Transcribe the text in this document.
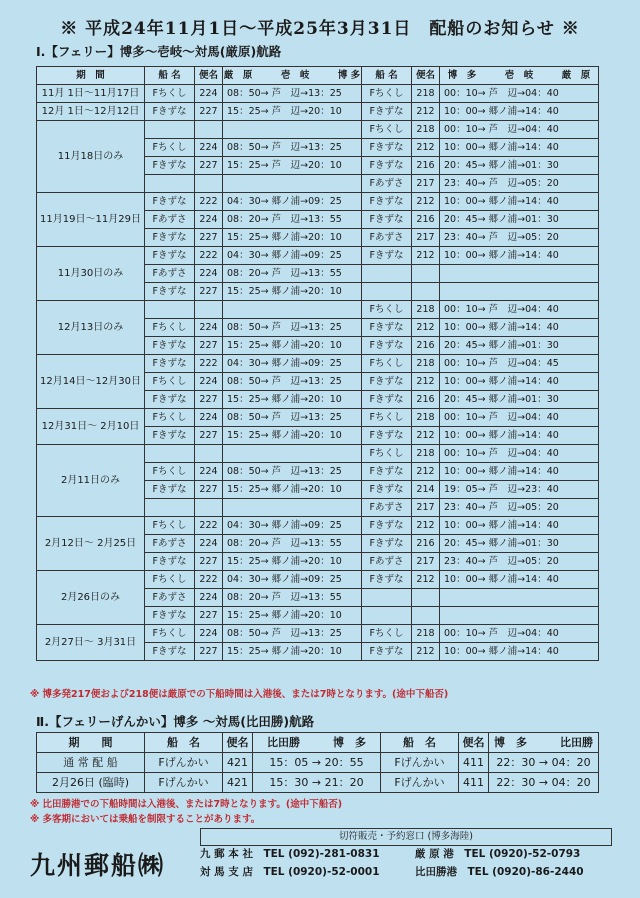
※ 平成24年11月1日～平成25年3月31日　配船のお知らせ ※
Ⅰ.【フェリー】博多～壱岐～対馬(厳原)航路
期　間	船 名	便名	厳　原　　　壱　岐　　　博 多	船 名	便名	博　多　　　壱　岐　　　厳　原
11月 1日～11月17日	Fちくし	224	08：50→ 芦　辺→13：25	Fちくし	218	00：10→ 芦　辺→04：40
12月 1日～12月12日	Fきずな	227	15：25→ 芦　辺→20：10	Fきずな	212	10：00→ 郷ノ浦→14：40
11月18日のみ				Fちくし	218	00：10→ 芦　辺→04：40
	Fちくし	224	08：50→ 芦　辺→13：25	Fきずな	212	10：00→ 郷ノ浦→14：40
	Fきずな	227	15：25→ 芦　辺→20：10	Fきずな	216	20：45→ 郷ノ浦→01：30
				Fあずさ	217	23：40→ 芦　辺→05：20
11月19日～11月29日	Fきずな	222	04：30→ 郷ノ浦→09：25	Fきずな	212	10：00→ 郷ノ浦→14：40
	Fあずさ	224	08：20→ 芦　辺→13：55	Fきずな	216	20：45→ 郷ノ浦→01：30
	Fきずな	227	15：25→ 郷ノ浦→20：10	Fあずさ	217	23：40→ 芦　辺→05：20
11月30日のみ	Fきずな	222	04：30→ 郷ノ浦→09：25	Fきずな	212	10：00→ 郷ノ浦→14：40
	Fあずさ	224	08：20→ 芦　辺→13：55			
	Fきずな	227	15：25→ 郷ノ浦→20：10			
12月13日のみ				Fちくし	218	00：10→ 芦　辺→04：40
	Fちくし	224	08：50→ 芦　辺→13：25	Fきずな	212	10：00→ 郷ノ浦→14：40
	Fきずな	227	15：25→ 郷ノ浦→20：10	Fきずな	216	20：45→ 郷ノ浦→01：30
12月14日～12月30日	Fきずな	222	04：30→ 郷ノ浦→09：25	Fちくし	218	00：10→ 芦　辺→04：45
	Fちくし	224	08：50→ 芦　辺→13：25	Fきずな	212	10：00→ 郷ノ浦→14：40
	Fきずな	227	15：25→ 郷ノ浦→20：10	Fきずな	216	20：45→ 郷ノ浦→01：30
12月31日～ 2月10日	Fちくし	224	08：50→ 芦　辺→13：25	Fちくし	218	00：10→ 芦　辺→04：40
	Fきずな	227	15：25→ 郷ノ浦→20：10	Fきずな	212	10：00→ 郷ノ浦→14：40
2月11日のみ				Fちくし	218	00：10→ 芦　辺→04：40
	Fちくし	224	08：50→ 芦　辺→13：25	Fきずな	212	10：00→ 郷ノ浦→14：40
	Fきずな	227	15：25→ 郷ノ浦→20：10	Fきずな	214	19：05→ 芦　辺→23：40
				Fあずさ	217	23：40→ 芦　辺→05：20
2月12日～ 2月25日	Fちくし	222	04：30→ 郷ノ浦→09：25	Fきずな	212	10：00→ 郷ノ浦→14：40
	Fあずさ	224	08：20→ 芦　辺→13：55	Fきずな	216	20：45→ 郷ノ浦→01：30
	Fきずな	227	15：25→ 郷ノ浦→20：10	Fあずさ	217	23：40→ 芦　辺→05：20
2月26日のみ	Fちくし	222	04：30→ 郷ノ浦→09：25	Fきずな	212	10：00→ 郷ノ浦→14：40
	Fあずさ	224	08：20→ 芦　辺→13：55			
	Fきずな	227	15：25→ 郷ノ浦→20：10			
2月27日～ 3月31日	Fちくし	224	08：50→ 芦　辺→13：25	Fちくし	218	00：10→ 芦　辺→04：40
	Fきずな	227	15：25→ 郷ノ浦→20：10	Fきずな	212	10：00→ 郷ノ浦→14：40
※ 博多発217便および218便は厳原での下船時間は入港後、または7時となります。(途中下船否)
Ⅱ.【フェリーげんかい】博多 ～対馬(比田勝)航路
期　　間	船　名	便名	比田勝　　　博　多	船　名	便名	博　多　　　比田勝
通 常 配 船	Fげんかい	421	15：05 → 20：55	Fげんかい	411	22：30 → 04：20
2月26日 (臨時)	Fげんかい	421	15：30 → 21：20	Fげんかい	411	22：30 → 04：20
※ 比田勝港での下船時間は入港後、または7時となります。(途中下船否)
※ 多客期においては乗船を制限することがあります。
切符販売・予約窓口 (博多海陸)
九州郵船㈱	九 郵 本 社　TEL (092)-281-0831
対 馬 支 店　TEL (0920)-52-0001
厳 原 港　TEL (0920)-52-0793
比田勝港　TEL (0920)-86-2440
